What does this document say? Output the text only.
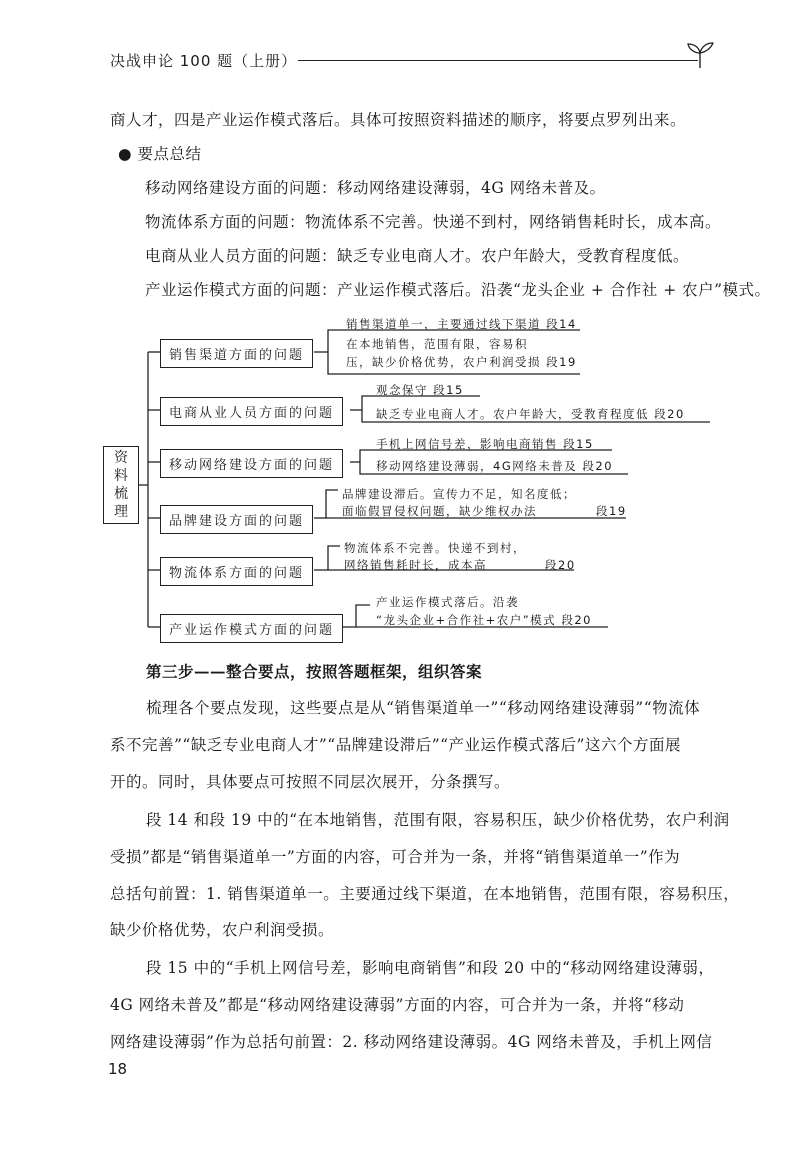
决战申论 100 题（上册）
商人才，四是产业运作模式落后。具体可按照资料描述的顺序，将要点罗列出来。
● 要点总结
移动网络建设方面的问题：移动网络建设薄弱，4G 网络未普及。
物流体系方面的问题：物流体系不完善。快递不到村，网络销售耗时长，成本高。
电商从业人员方面的问题：缺乏专业电商人才。农户年龄大，受教育程度低。
产业运作模式方面的问题：产业运作模式落后。沿袭“龙头企业 + 合作社 + 农户”模式。
资
料
梳
理
销售渠道方面的问题
电商从业人员方面的问题
移动网络建设方面的问题
品牌建设方面的问题
物流体系方面的问题
产业运作模式方面的问题
销售渠道单一，主要通过线下渠道 段14
在本地销售，范围有限，容易积
压，缺少价格优势，农户利润受损 段19
观念保守 段15
缺乏专业电商人才。农户年龄大，受教育程度低 段20
手机上网信号差，影响电商销售 段15
移动网络建设薄弱，4G网络未普及 段20
品牌建设滞后。宣传力不足，知名度低；
面临假冒侵权问题，缺少维权办法	段19
物流体系不完善。快递不到村，
网络销售耗时长，成本高	段20
产业运作模式落后。沿袭
“龙头企业+合作社+农户”模式 段20
第三步——整合要点，按照答题框架，组织答案
梳理各个要点发现，这些要点是从“销售渠道单一”“移动网络建设薄弱”“物流体
系不完善”“缺乏专业电商人才”“品牌建设滞后”“产业运作模式落后”这六个方面展
开的。同时，具体要点可按照不同层次展开，分条撰写。
段 14 和段 19 中的“在本地销售，范围有限，容易积压，缺少价格优势，农户利润
受损”都是“销售渠道单一”方面的内容，可合并为一条，并将“销售渠道单一”作为
总括句前置：1. 销售渠道单一。主要通过线下渠道，在本地销售，范围有限，容易积压，
缺少价格优势，农户利润受损。
段 15 中的“手机上网信号差，影响电商销售”和段 20 中的“移动网络建设薄弱，
4G 网络未普及”都是“移动网络建设薄弱”方面的内容，可合并为一条，并将“移动
网络建设薄弱”作为总括句前置：2. 移动网络建设薄弱。4G 网络未普及，手机上网信
18
